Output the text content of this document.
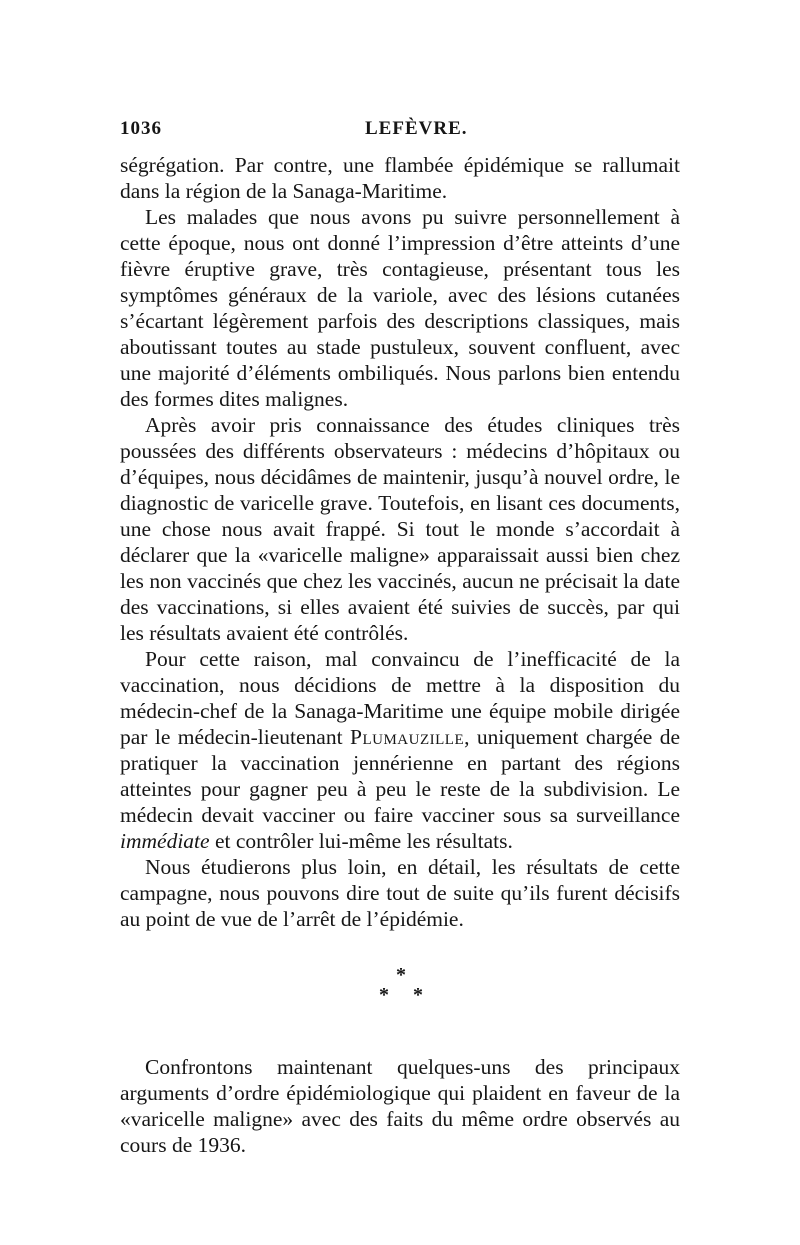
1036	LEFÈVRE.

ségrégation. Par contre, une flambée épidémique se rallumait dans la région de la Sanaga-Maritime.

Les malades que nous avons pu suivre personnellement à cette époque, nous ont donné l’impression d’être atteints d’une fièvre éruptive grave, très contagieuse, présentant tous les symptômes généraux de la variole, avec des lésions cutanées s’écartant légèrement parfois des descriptions classiques, mais aboutissant toutes au stade pustuleux, souvent confluent, avec une majorité d’éléments ombiliqués. Nous parlons bien entendu des formes dites malignes.

Après avoir pris connaissance des études cliniques très poussées des différents observateurs : médecins d’hôpitaux ou d’équipes, nous décidâmes de maintenir, jusqu’à nouvel ordre, le diagnostic de varicelle grave. Toutefois, en lisant ces documents, une chose nous avait frappé. Si tout le monde s’accordait à déclarer que la «varicelle maligne» apparaissait aussi bien chez les non vaccinés que chez les vaccinés, aucun ne précisait la date des vaccinations, si elles avaient été suivies de succès, par qui les résultats avaient été contrôlés.

Pour cette raison, mal convaincu de l’inefficacité de la vaccination, nous décidions de mettre à la disposition du médecin-chef de la Sanaga-Maritime une équipe mobile dirigée par le médecin-lieutenant Plumauzille, uniquement chargée de pratiquer la vaccination jennérienne en partant des régions atteintes pour gagner peu à peu le reste de la subdivision. Le médecin devait vacciner ou faire vacciner sous sa surveillance immédiate et contrôler lui-même les résultats.

Nous étudierons plus loin, en détail, les résultats de cette campagne, nous pouvons dire tout de suite qu’ils furent décisifs au point de vue de l’arrêt de l’épidémie.

*
* *

Confrontons maintenant quelques-uns des principaux arguments d’ordre épidémiologique qui plaident en faveur de la «varicelle maligne» avec des faits du même ordre observés au cours de 1936.
